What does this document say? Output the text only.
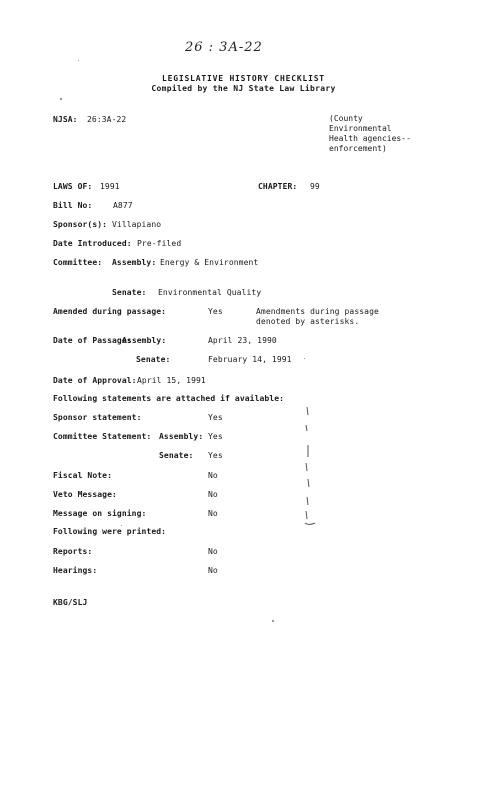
26 : 3A-22
LEGISLATIVE HISTORY CHECKLIST
Compiled by the NJ State Law Library
NJSA: 26:3A-22	(County
Environmental
Health agencies--
enforcement)
LAWS OF: 1991	CHAPTER: 99
Bill No:	A877
Sponsor(s): Villapiano
Date Introduced: Pre-filed
Committee: Assembly: Energy & Environment
Senate: Environmental Quality
Amended during passage:	Yes	Amendments during passage
denoted by asterisks.
Date of Passage:
Assembly:	April 23, 1990
Senate:	February 14, 1991
Date of Approval: April 15, 1991
Following statements are attached if available:
Sponsor statement:	Yes
Committee Statement: Assembly: Yes
Senate: Yes
Fiscal Note:	No
Veto Message:	No
Message on signing:	No
Following were printed:
Reports:	No
Hearings:	No
KBG/SLJ
